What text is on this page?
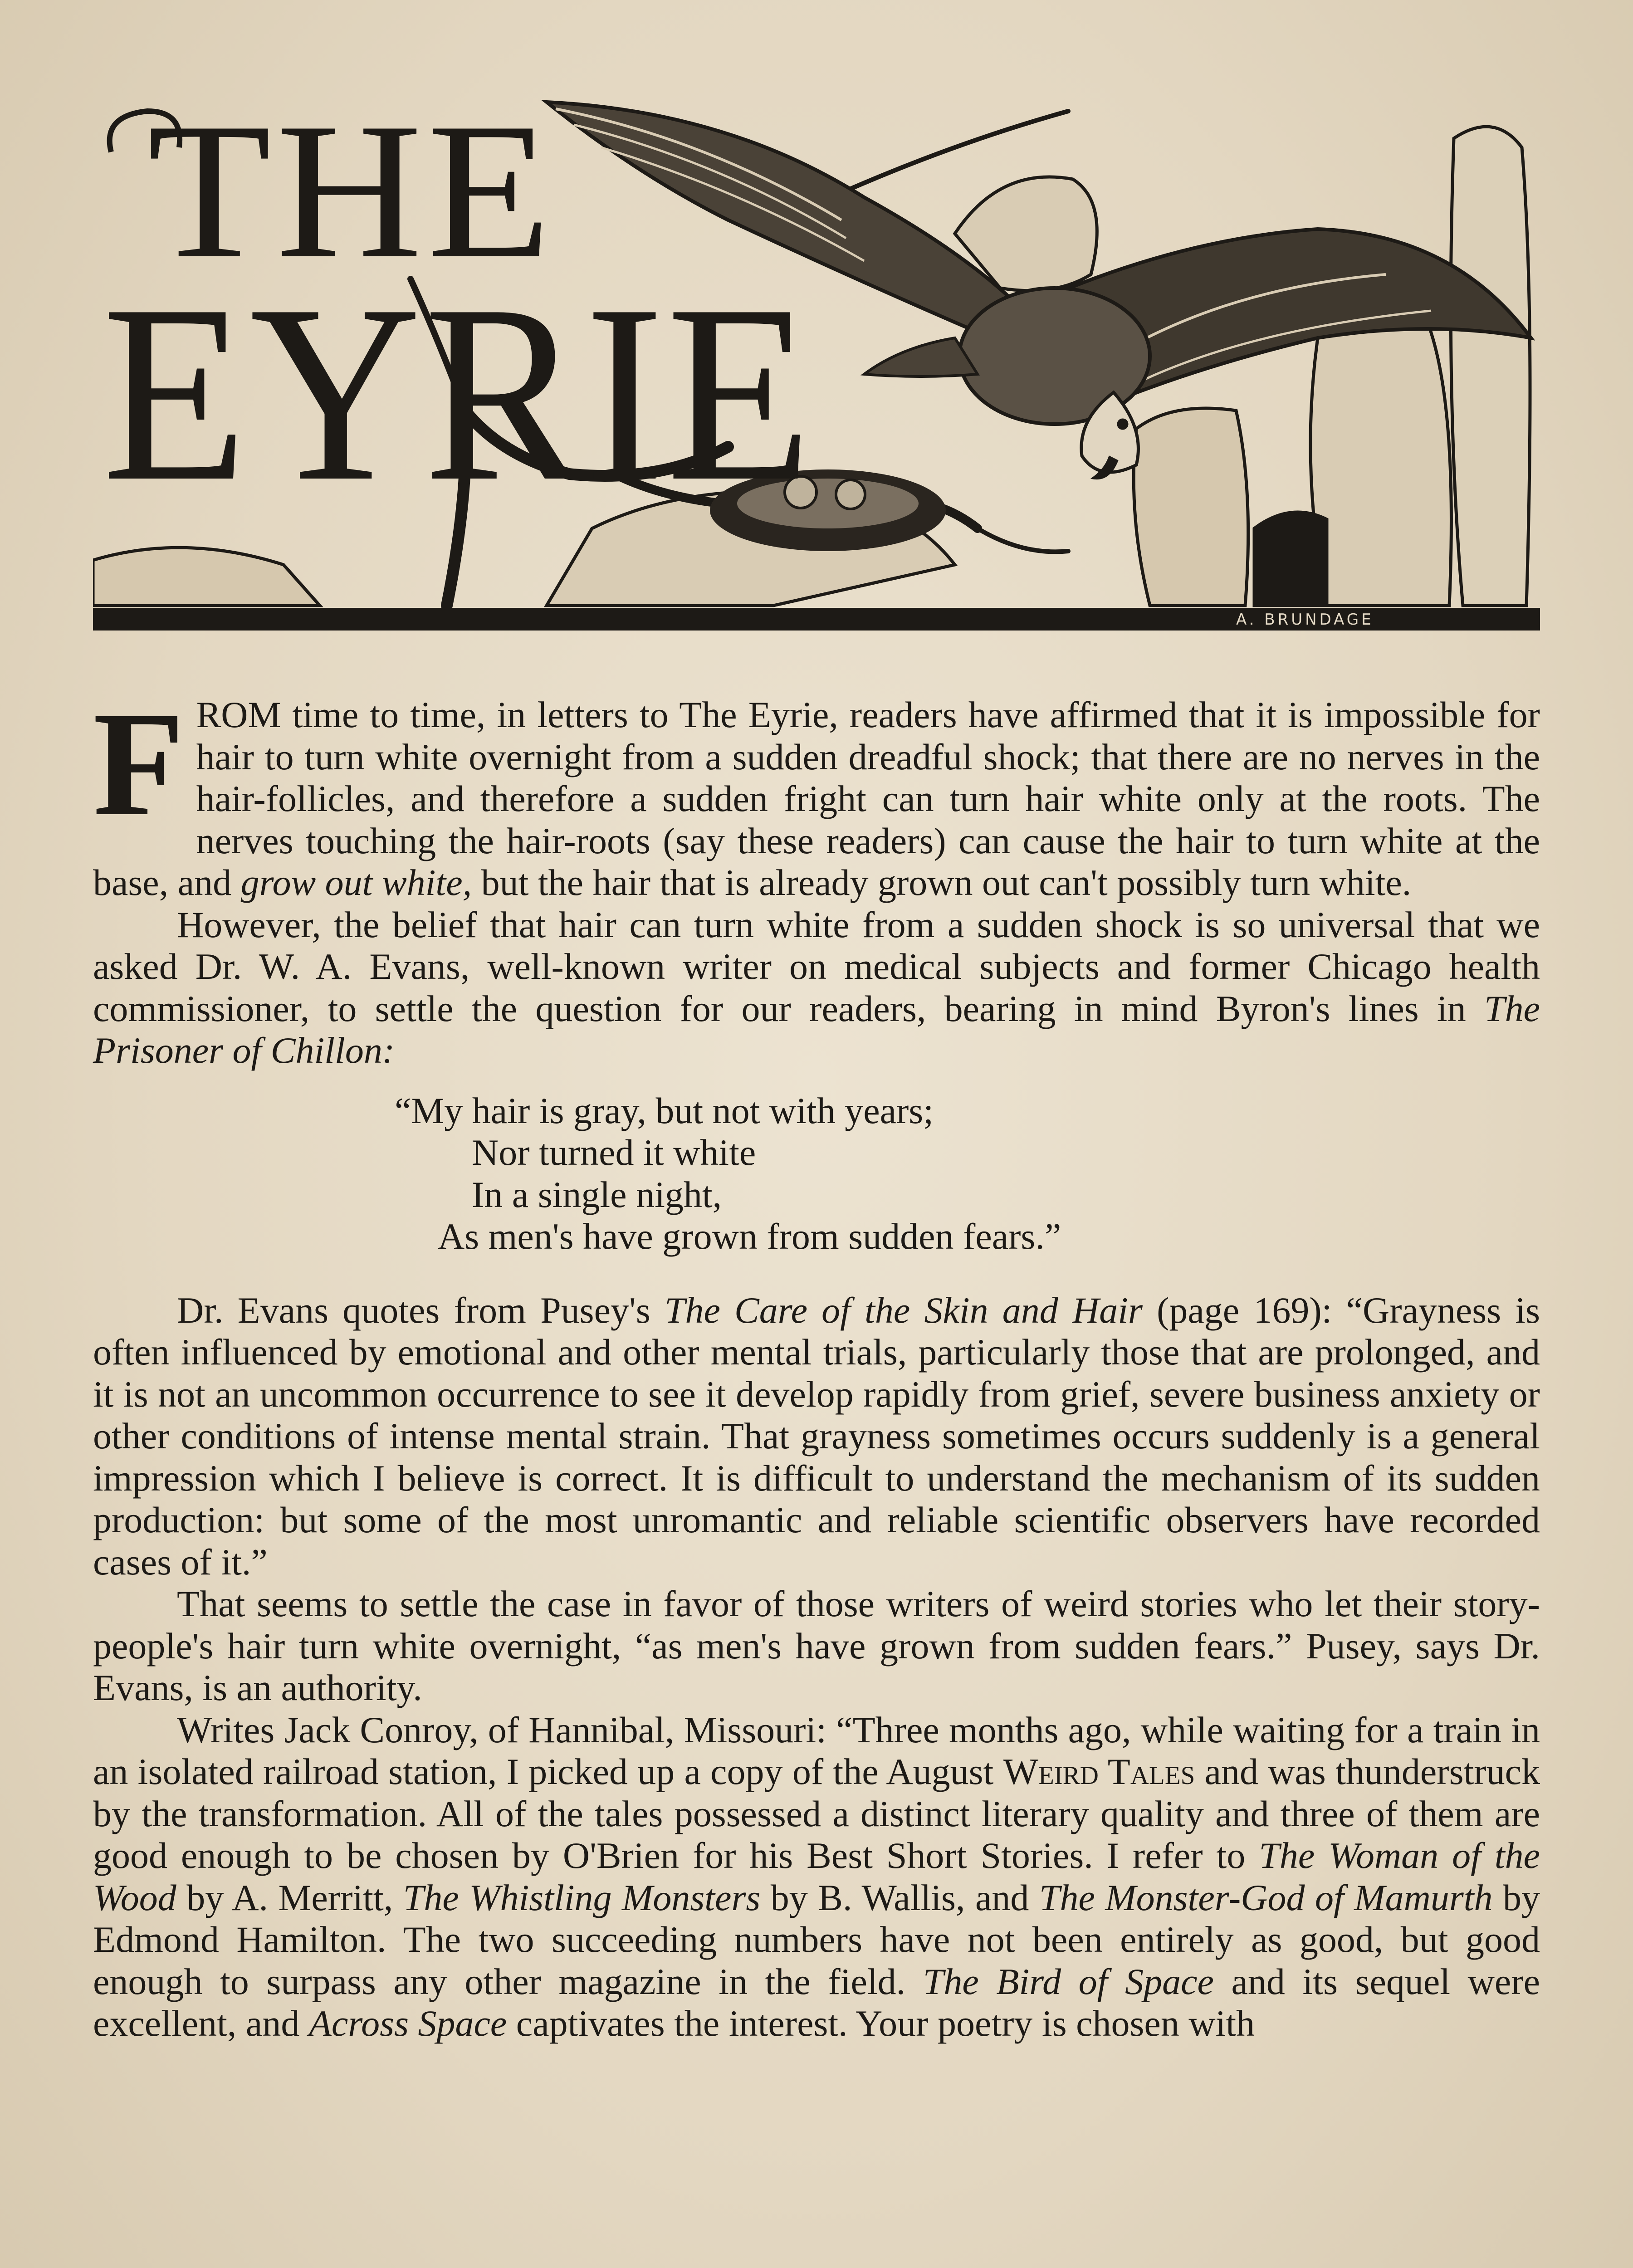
THE
EYRIE
A. BRUNDAGE

FROM time to time, in letters to The Eyrie, readers have affirmed that it is impossible for hair to turn white overnight from a sudden dreadful shock; that there are no nerves in the hair-follicles, and therefore a sudden fright can turn hair white only at the roots. The nerves touching the hair-roots (say these readers) can cause the hair to turn white at the base, and grow out white, but the hair that is already grown out can't possibly turn white.

However, the belief that hair can turn white from a sudden shock is so universal that we asked Dr. W. A. Evans, well-known writer on medical subjects and former Chicago health commissioner, to settle the question for our readers, bearing in mind Byron's lines in The Prisoner of Chillon:

“My hair is gray, but not with years;
Nor turned it white
In a single night,
As men's have grown from sudden fears.”

Dr. Evans quotes from Pusey's The Care of the Skin and Hair (page 169): “Grayness is often influenced by emotional and other mental trials, particularly those that are prolonged, and it is not an uncommon occurrence to see it develop rapidly from grief, severe business anxiety or other conditions of intense mental strain. That grayness sometimes occurs suddenly is a general impression which I believe is correct. It is difficult to understand the mechanism of its sudden production: but some of the most unromantic and reliable scientific observers have recorded cases of it.”

That seems to settle the case in favor of those writers of weird stories who let their story-people's hair turn white overnight, “as men's have grown from sudden fears.” Pusey, says Dr. Evans, is an authority.

Writes Jack Conroy, of Hannibal, Missouri: “Three months ago, while waiting for a train in an isolated railroad station, I picked up a copy of the August Weird Tales and was thunderstruck by the transformation. All of the tales possessed a distinct literary quality and three of them are good enough to be chosen by O'Brien for his Best Short Stories. I refer to The Woman of the Wood by A. Merritt, The Whistling Monsters by B. Wallis, and The Monster-God of Mamurth by Edmond Hamilton. The two succeeding numbers have not been entirely as good, but good enough to surpass any other magazine in the field. The Bird of Space and its sequel were excellent, and Across Space captivates the interest. Your poetry is chosen with
